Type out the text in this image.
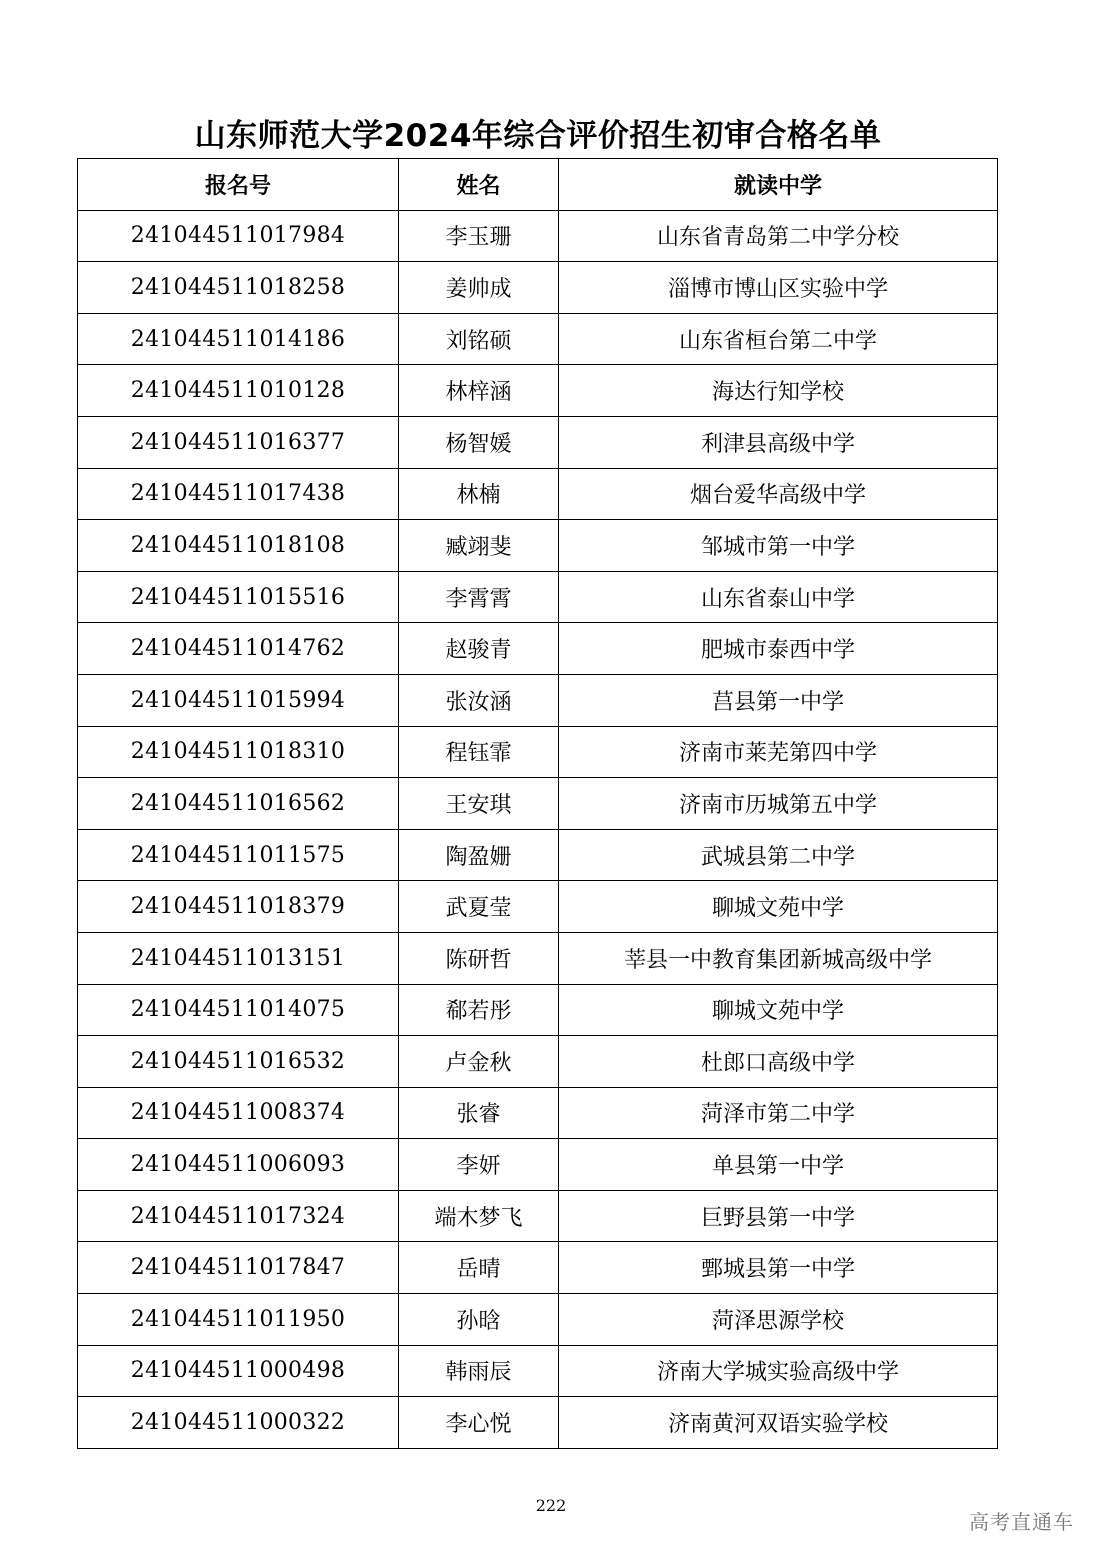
山东师范大学2024年综合评价招生初审合格名单
报名号	姓名	就读中学
241044511017984	李玉珊	山东省青岛第二中学分校
241044511018258	姜帅成	淄博市博山区实验中学
241044511014186	刘铭硕	山东省桓台第二中学
241044511010128	林梓涵	海达行知学校
241044511016377	杨智媛	利津县高级中学
241044511017438	林楠	烟台爱华高级中学
241044511018108	臧翊斐	邹城市第一中学
241044511015516	李霄霄	山东省泰山中学
241044511014762	赵骏青	肥城市泰西中学
241044511015994	张汝涵	莒县第一中学
241044511018310	程钰霏	济南市莱芜第四中学
241044511016562	王安琪	济南市历城第五中学
241044511011575	陶盈姗	武城县第二中学
241044511018379	武夏莹	聊城文苑中学
241044511013151	陈研哲	莘县一中教育集团新城高级中学
241044511014075	郗若彤	聊城文苑中学
241044511016532	卢金秋	杜郎口高级中学
241044511008374	张睿	菏泽市第二中学
241044511006093	李妍	单县第一中学
241044511017324	端木梦飞	巨野县第一中学
241044511017847	岳晴	鄄城县第一中学
241044511011950	孙晗	菏泽思源学校
241044511000498	韩雨辰	济南大学城实验高级中学
241044511000322	李心悦	济南黄河双语实验学校
222
高考直通车
